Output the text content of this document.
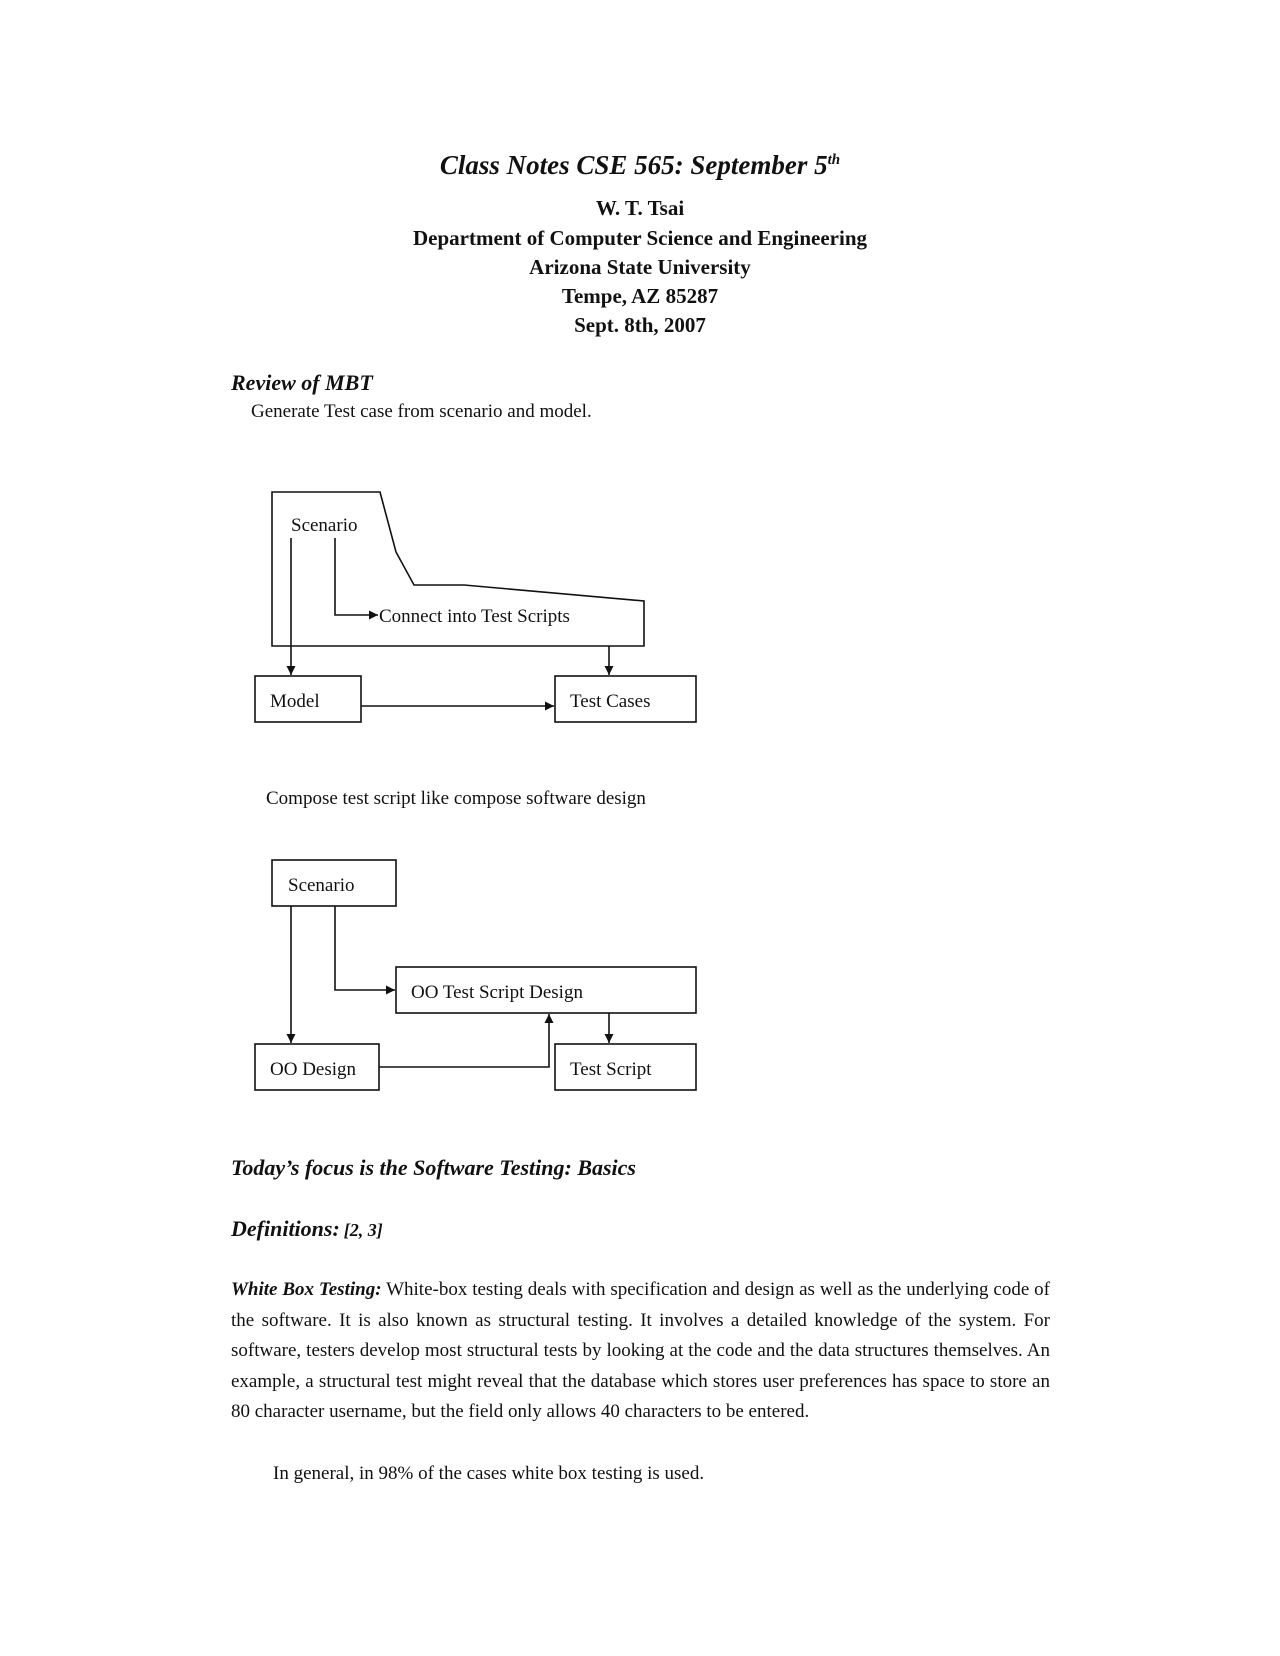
Class Notes CSE 565: September 5th
W. T. Tsai
Department of Computer Science and Engineering
Arizona State University
Tempe, AZ 85287
Sept. 8th, 2007
Review of MBT
Generate Test case from scenario and model.
Scenario
Connect into Test Scripts
Model	Test Cases
Compose test script like compose software design
Scenario
OO Test Script Design
OO Design	Test Script
Today’s focus is the Software Testing: Basics
Definitions: [2, 3]
White Box Testing: White-box testing deals with specification and design as well as the underlying code of the software. It is also known as structural testing. It involves a detailed knowledge of the system. For software, testers develop most structural tests by looking at the code and the data structures themselves. An example, a structural test might reveal that the database which stores user preferences has space to store an 80 character username, but the field only allows 40 characters to be entered.
In general, in 98% of the cases white box testing is used.
